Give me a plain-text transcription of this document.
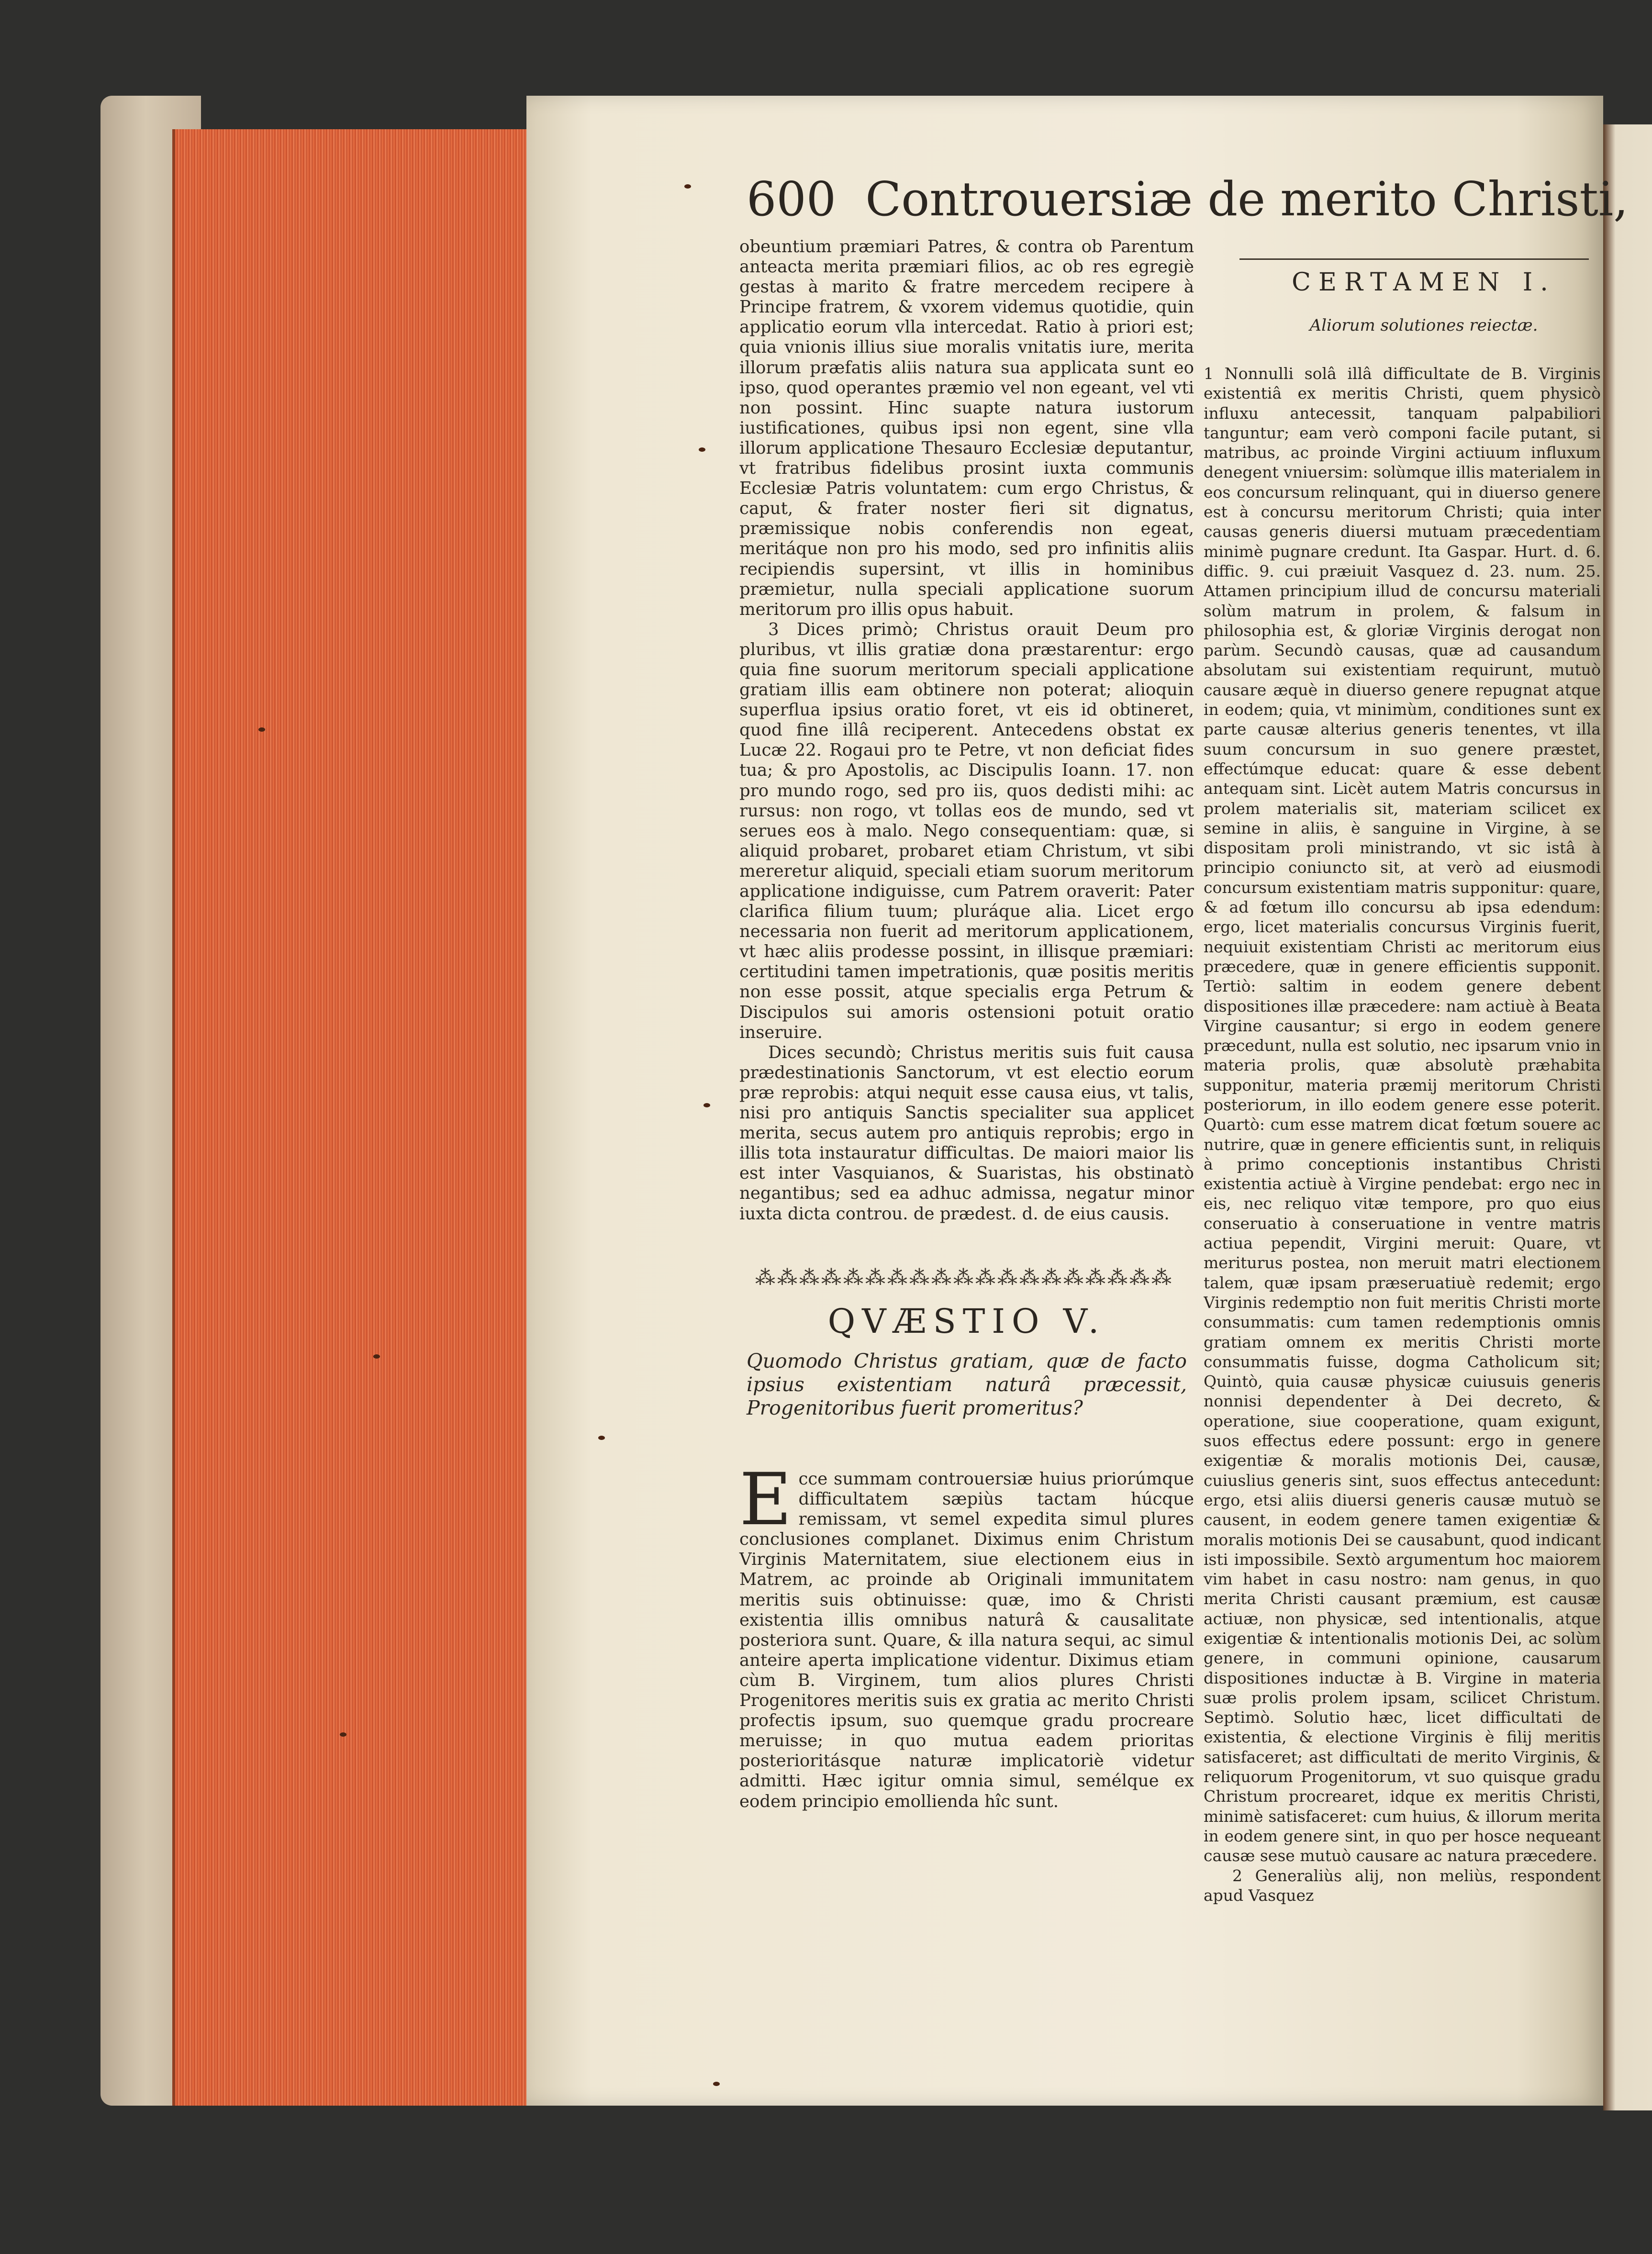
600 Controuersiæ de merito Christi,

obeuntium præmiari Patres, & contra ob Parentum anteacta merita præmiari filios, ac ob res egregiè gestas à marito & fratre mercedem recipere à Principe fratrem, & vxorem videmus quotidie, quin applicatio eorum vlla intercedat. Ratio à priori est; quia vnionis illius siue moralis vnitatis iure, merita illorum præfatis aliis natura sua applicata sunt eo ipso, quod operantes præmio vel non egeant, vel vti non possint. Hinc suapte natura iustorum iustificationes, quibus ipsi non egent, sine vlla illorum applicatione Thesauro Ecclesiæ deputantur, vt fratribus fidelibus prosint iuxta communis Ecclesiæ Patris voluntatem: cum ergo Christus, & caput, & frater noster fieri sit dignatus, præmissique nobis conferendis non egeat, meritáque non pro his modo, sed pro infinitis aliis recipiendis supersint, vt illis in hominibus præmietur, nulla speciali applicatione suorum meritorum pro illis opus habuit.

3 Dices primò; Christus orauit Deum pro pluribus, vt illis gratiæ dona præstarentur: ergo quia fine suorum meritorum speciali applicatione gratiam illis eam obtinere non poterat; alioquin superflua ipsius oratio foret, vt eis id obtineret, quod fine illâ reciperent. Antecedens obstat ex Lucæ 22. Rogaui pro te Petre, vt non deficiat fides tua; & pro Apostolis, ac Discipulis Ioann. 17. non pro mundo rogo, sed pro iis, quos dedisti mihi: ac rursus: non rogo, vt tollas eos de mundo, sed vt serues eos à malo. Nego consequentiam: quæ, si aliquid probaret, probaret etiam Christum, vt sibi mereretur aliquid, speciali etiam suorum meritorum applicatione indiguisse, cum Patrem oraverit: Pater clarifica filium tuum; pluráque alia. Licet ergo necessaria non fuerit ad meritorum applicationem, vt hæc aliis prodesse possint, in illisque præmiari: certitudini tamen impetrationis, quæ positis meritis non esse possit, atque specialis erga Petrum & Discipulos sui amoris ostensioni potuit oratio inseruire.

Dices secundò; Christus meritis suis fuit causa prædestinationis Sanctorum, vt est electio eorum præ reprobis: atqui nequit esse causa eius, vt talis, nisi pro antiquis Sanctis specialiter sua applicet merita, secus autem pro antiquis reprobis; ergo in illis tota instauratur difficultas. De maiori maior lis est inter Vasquianos, & Suaristas, his obstinatò negantibus; sed ea adhuc admissa, negatur minor iuxta dicta controu. de prædest. d. de eius causis.

⁂⁂⁂⁂⁂⁂⁂⁂⁂⁂⁂⁂⁂⁂⁂⁂⁂⁂⁂
QVÆSTIO V.
Quomodo Christus gratiam, quæ de facto ipsius existentiam naturâ præcessit, Progenitoribus fuerit promeritus?
E cce summam controuersiæ huius priorúmque difficultatem sæpiùs tactam húcque remissam, vt semel expedita simul plures conclusiones complanet. Diximus enim Christum Virginis Maternitatem, siue electionem eius in Matrem, ac proinde ab Originali immunitatem meritis suis obtinuisse: quæ, imo & Christi existentia illis omnibus naturâ & causalitate posteriora sunt. Quare, & illa natura sequi, ac simul anteire aperta implicatione videntur. Diximus etiam cùm B. Virginem, tum alios plures Christi Progenitores meritis suis ex gratia ac merito Christi profectis ipsum, suo quemque gradu procreare meruisse; in quo mutua eadem prioritas posterioritásque naturæ implicatoriè videtur admitti. Hæc igitur omnia simul, semélque ex eodem principio emollienda hîc sunt.
CERTAMEN I.
Aliorum solutiones reiectæ.

1 Nonnulli solâ illâ difficultate de B. Virginis existentiâ ex meritis Christi, quem physicò influxu antecessit, tanquam palpabiliori tanguntur; eam verò componi facile putant, si matribus, ac proinde Virgini actiuum influxum denegent vniuersim: solùmque illis materialem in eos concursum relinquant, qui in diuerso genere est à concursu meritorum Christi; quia inter causas generis diuersi mutuam præcedentiam minimè pugnare credunt. Ita Gaspar. Hurt. d. 6. diffic. 9. cui præiuit Vasquez d. 23. num. 25. Attamen principium illud de concursu materiali solùm matrum in prolem, & falsum in philosophia est, & gloriæ Virginis derogat non parùm. Secundò causas, quæ ad causandum absolutam sui existentiam requirunt, mutuò causare æquè in diuerso genere repugnat atque in eodem; quia, vt minimùm, conditiones sunt ex parte causæ alterius generis tenentes, vt illa suum concursum in suo genere præstet, effectúmque educat: quare & esse debent antequam sint. Licèt autem Matris concursus in prolem materialis sit, materiam scilicet ex semine in aliis, è sanguine in Virgine, à se dispositam proli ministrando, vt sic istâ à principio coniuncto sit, at verò ad eiusmodi concursum existentiam matris supponitur: quare, & ad fœtum illo concursu ab ipsa edendum: ergo, licet materialis concursus Virginis fuerit, nequiuit existentiam Christi ac meritorum eius præcedere, quæ in genere efficientis supponit. Tertiò: saltim in eodem genere debent dispositiones illæ præcedere: nam actiuè à Beata Virgine causantur; si ergo in eodem genere præcedunt, nulla est solutio, nec ipsarum vnio in materia prolis, quæ absolutè præhabita supponitur, materia præmij meritorum Christi posteriorum, in illo eodem genere esse poterit. Quartò: cum esse matrem dicat fœtum souere ac nutrire, quæ in genere efficientis sunt, in reliquis à primo conceptionis instantibus Christi existentia actiuè à Virgine pendebat: ergo nec in eis, nec reliquo vitæ tempore, pro quo eius conseruatio à conseruatione in ventre matris actiua pependit, Virgini meruit: Quare, vt meriturus postea, non meruit matri electionem talem, quæ ipsam præseruatiuè redemit; ergo Virginis redemptio non fuit meritis Christi morte consummatis: cum tamen redemptionis omnis gratiam omnem ex meritis Christi morte consummatis fuisse, dogma Catholicum sit; Quintò, quia causæ physicæ cuiusuis generis nonnisi dependenter à Dei decreto, & operatione, siue cooperatione, quam exigunt, suos effectus edere possunt: ergo in genere exigentiæ & moralis motionis Dei, causæ, cuiuslius generis sint, suos effectus antecedunt: ergo, etsi aliis diuersi generis causæ mutuò se causent, in eodem genere tamen exigentiæ & moralis motionis Dei se causabunt, quod indicant isti impossibile. Sextò argumentum hoc maiorem vim habet in casu nostro: nam genus, in quo merita Christi causant præmium, est causæ actiuæ, non physicæ, sed intentionalis, atque exigentiæ & intentionalis motionis Dei, ac solùm genere, in communi opinione, causarum dispositiones inductæ à B. Virgine in materia suæ prolis prolem ipsam, scilicet Christum. Septimò. Solutio hæc, licet difficultati de existentia, & electione Virginis è filij meritis satisfaceret; ast difficultati de merito Virginis, & reliquorum Progenitorum, vt suo quisque gradu Christum procrearet, idque ex meritis Christi, minimè satisfaceret: cum huius, & illorum merita in eodem genere sint, in quo per hosce nequeant causæ sese mutuò causare ac natura præcedere.

2 Generaliùs alij, non meliùs, respondent apud Vasquez
